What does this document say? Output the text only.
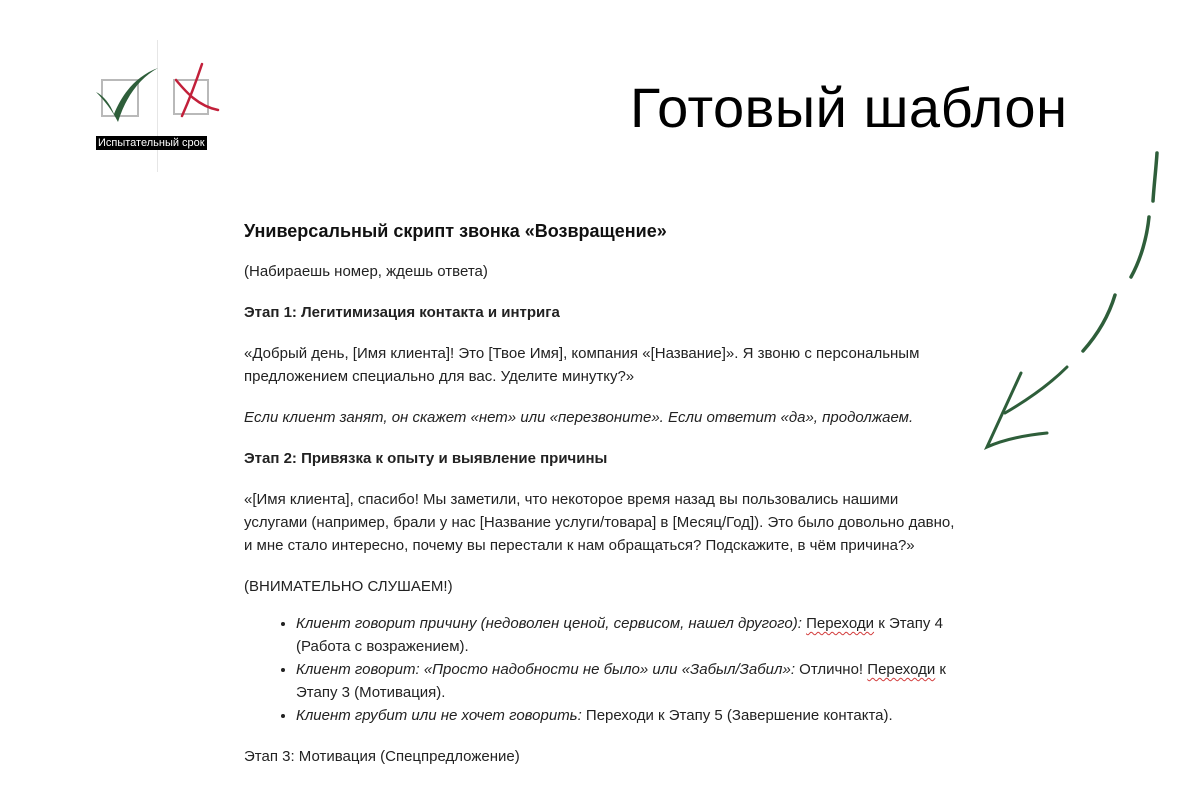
Испытательный срок
Готовый шаблон
Универсальный скрипт звонка «Возвращение»

(Набираешь номер, ждешь ответа)

Этап 1: Легитимизация контакта и интрига

«Добрый день, [Имя клиента]! Это [Твое Имя], компания «[Название]». Я звоню с персональным предложением специально для вас. Уделите минутку?»

Если клиент занят, он скажет «нет» или «перезвоните». Если ответит «да», продолжаем.

Этап 2: Привязка к опыту и выявление причины

«[Имя клиента], спасибо! Мы заметили, что некоторое время назад вы пользовались нашими услугами (например, брали у нас [Название услуги/товара] в [Месяц/Год]). Это было довольно давно, и мне стало интересно, почему вы перестали к нам обращаться? Подскажите, в чём причина?»

(ВНИМАТЕЛЬНО СЛУШАЕМ!)

• Клиент говорит причину (недоволен ценой, сервисом, нашел другого): Переходи к Этапу 4 (Работа с возражением).
• Клиент говорит: «Просто надобности не было» или «Забыл/Забил»: Отлично! Переходи к Этапу 3 (Мотивация).
• Клиент грубит или не хочет говорить: Переходи к Этапу 5 (Завершение контакта).

Этап 3: Мотивация (Спецпредложение)
